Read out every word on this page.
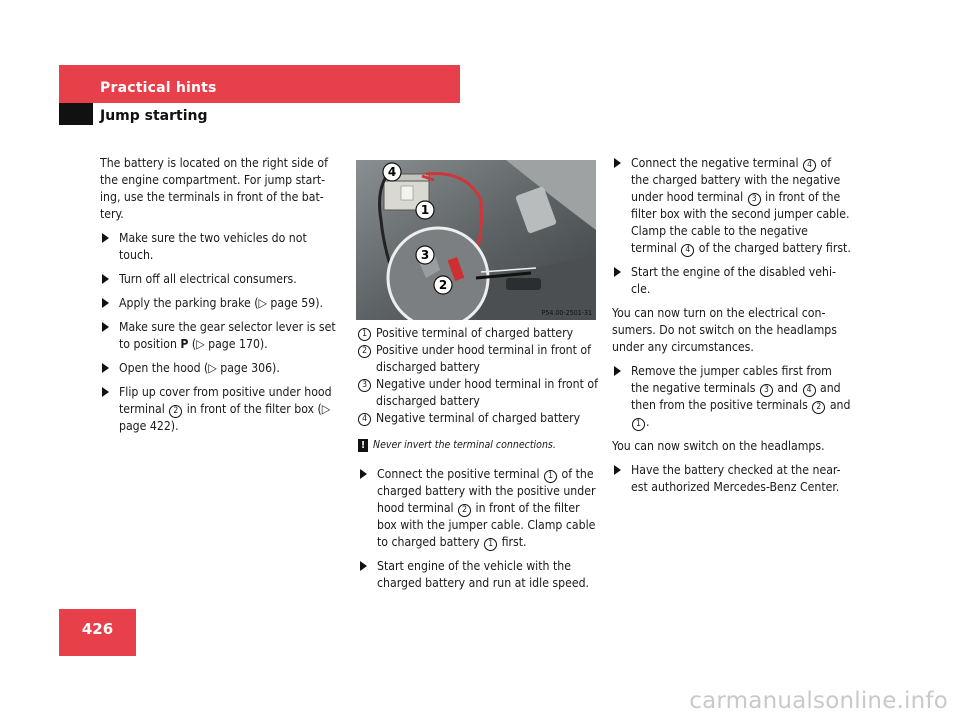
Practical hints
Jump starting

The battery is located on the right side of the engine compartment. For jump start-ing, use the terminals in front of the bat-tery.

Make sure the two vehicles do not touch.
Turn off all electrical consumers.
Apply the parking brake (▷ page 59).
Make sure the gear selector lever is set to position P (▷ page 170).
Open the hood (▷ page 306).
Flip up cover from positive under hood terminal 2 in front of the filter box (▷ page 422).
4
1
3
2
P54.00-2501-31
1 Positive terminal of charged battery
2 Positive under hood terminal in front of discharged battery
3 Negative under hood terminal in front of discharged battery
4 Negative terminal of charged battery
! Never invert the terminal connections.
Connect the positive terminal 1 of the charged battery with the positive under hood terminal 2 in front of the filter box with the jumper cable. Clamp cable to charged battery 1 first.
Start engine of the vehicle with the charged battery and run at idle speed.
Connect the negative terminal 4 of the charged battery with the negative under hood terminal 3 in front of the filter box with the second jumper cable. Clamp the cable to the negative terminal 4 of the charged battery first.
Start the engine of the disabled vehi-cle.

You can now turn on the electrical con-sumers. Do not switch on the headlamps under any circumstances.

Remove the jumper cables first from the negative terminals 3 and 4 and then from the positive terminals 2 and 1 .

You can now switch on the headlamps.

Have the battery checked at the near-est authorized Mercedes-Benz Center.
426
carmanualsonline.info
